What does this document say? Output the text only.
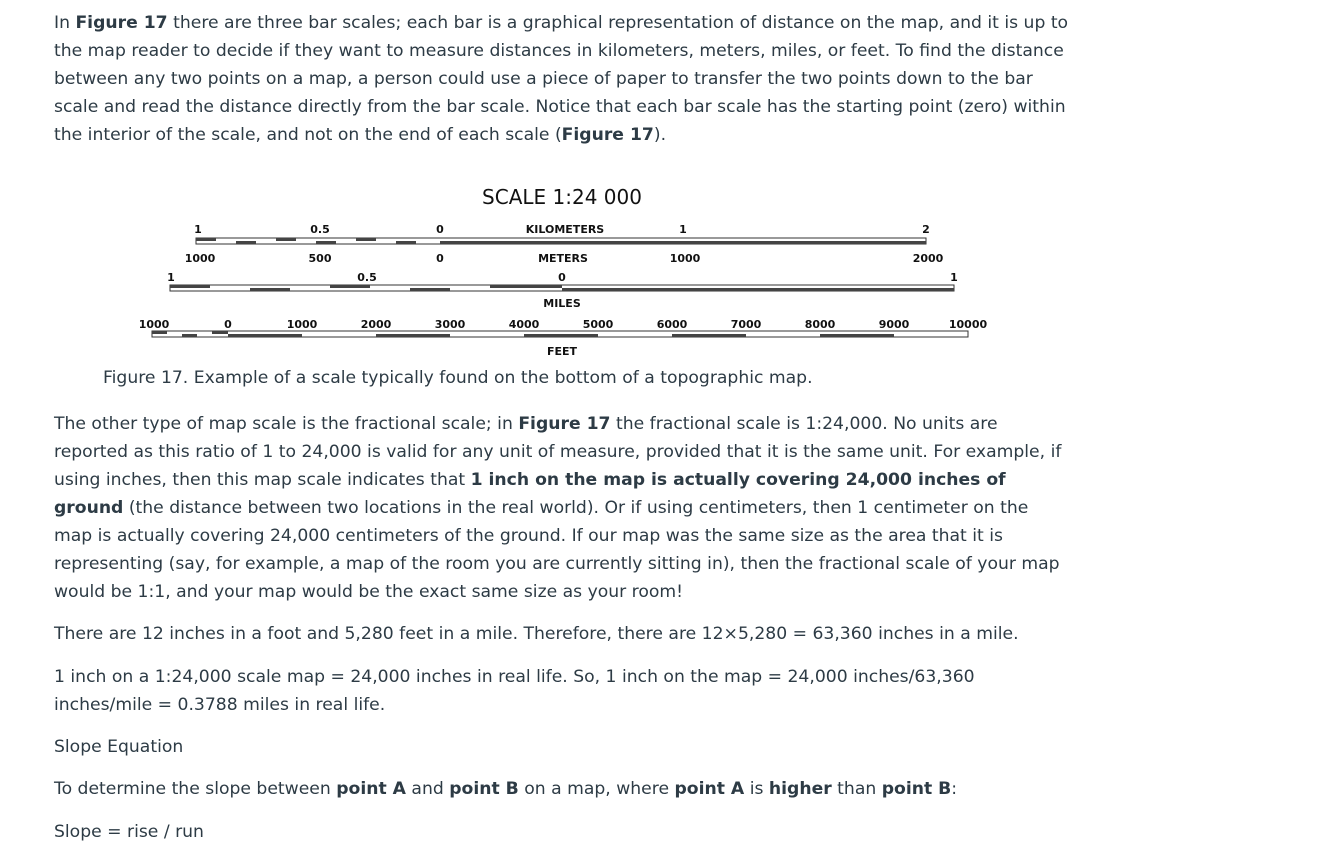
In Figure 17 there are three bar scales; each bar is a graphical representation of distance on the map, and it is up to the map reader to decide if they want to measure distances in kilometers, meters, miles, or feet. To find the distance between any two points on a map, a person could use a piece of paper to transfer the two points down to the bar scale and read the distance directly from the bar scale. Notice that each bar scale has the starting point (zero) within the interior of the scale, and not on the end of each scale (Figure 17).

SCALE 1:24 000
1	0.5	0	KILOMETERS	1	2
1000	500	0	METERS	1000	2000
1	0.5	0	1
MILES
1000	0	1000	2000	3000	4000	5000	6000	7000	8000	9000	10000
FEET

Figure 17. Example of a scale typically found on the bottom of a topographic map.

The other type of map scale is the fractional scale; in Figure 17 the fractional scale is 1:24,000. No units are reported as this ratio of 1 to 24,000 is valid for any unit of measure, provided that it is the same unit. For example, if using inches, then this map scale indicates that 1 inch on the map is actually covering 24,000 inches of ground (the distance between two locations in the real world). Or if using centimeters, then 1 centimeter on the map is actually covering 24,000 centimeters of the ground. If our map was the same size as the area that it is representing (say, for example, a map of the room you are currently sitting in), then the fractional scale of your map would be 1:1, and your map would be the exact same size as your room!

There are 12 inches in a foot and 5,280 feet in a mile. Therefore, there are 12×5,280 = 63,360 inches in a mile.

1 inch on a 1:24,000 scale map = 24,000 inches in real life. So, 1 inch on the map = 24,000 inches/63,360 inches/mile = 0.3788 miles in real life.

Slope Equation

To determine the slope between point A and point B on a map, where point A is higher than point B:

Slope = rise / run
